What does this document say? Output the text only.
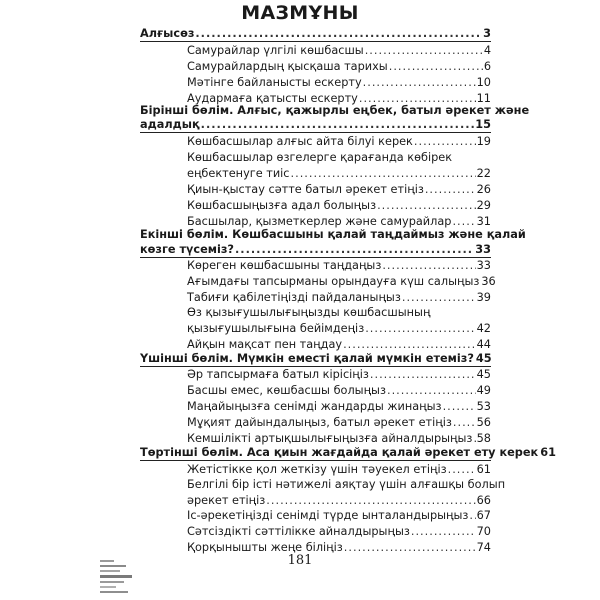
МАЗМҰНЫ
Алғысөз .....	3
Самурайлар үлгілі көшбасшы .....	4
Самурайлардың қысқаша тарихы .....	6
Мәтінге байланысты ескерту .....	10
Аудармаға қатысты ескерту .....	11
Бірінші бөлім. Алғыс, қажырлы еңбек, батыл әрекет және
адалдық .....	15
Көшбасшылар алғыс айта білуі керек .....	19
Көшбасшылар өзгелерге қарағанда көбірек
еңбектенуге тиіс .....	22
Қиын-қыстау сәтте батыл әрекет етіңіз .....	26
Көшбасшыңызға адал болыңыз .....	29
Басшылар, қызметкерлер және самурайлар ..... 31
Екінші бөлім. Көшбасшыны қалай таңдаймыз және қалай
көзге түсеміз? .....	33
Көреген көшбасшыны таңдаңыз .....	33
Ағымдағы тапсырманы орындауға күш салыңыз 36
Табиғи қабілетіңізді пайдаланыңыз .....	39
Өз қызығушылығыңызды көшбасшының
қызығушылығына бейімдеңіз .....	42
Айқын мақсат пен таңдау .....	44
Үшінші бөлім. Мүмкін еместі қалай мүмкін етеміз? 45
Әр тапсырмаға батыл кірісіңіз .....	45
Басшы емес, көшбасшы болыңыз .....	49
Маңайыңызға сенімді жандарды жинаңыз .....	53
Мұқият дайындалыңыз, батыл әрекет етіңіз ..... 56
Кемшілікті артықшылығыңызға айналдырыңыз ..... 58
Төртінші бөлім. Аса қиын жағдайда қалай әрекет ету керек 61
Жетістікке қол жеткізу үшін тәуекел етіңіз .....	61
Белгілі бір істі нәтижелі аяқтау үшін алғашқы болып
әрекет етіңіз .....	66
Іс-әрекетіңізді сенімді түрде ынталандырыңыз ..... 67
Сәтсіздікті сәттілікке айналдырыңыз .....	70
Қорқынышты жеңе біліңіз .....	74
181
